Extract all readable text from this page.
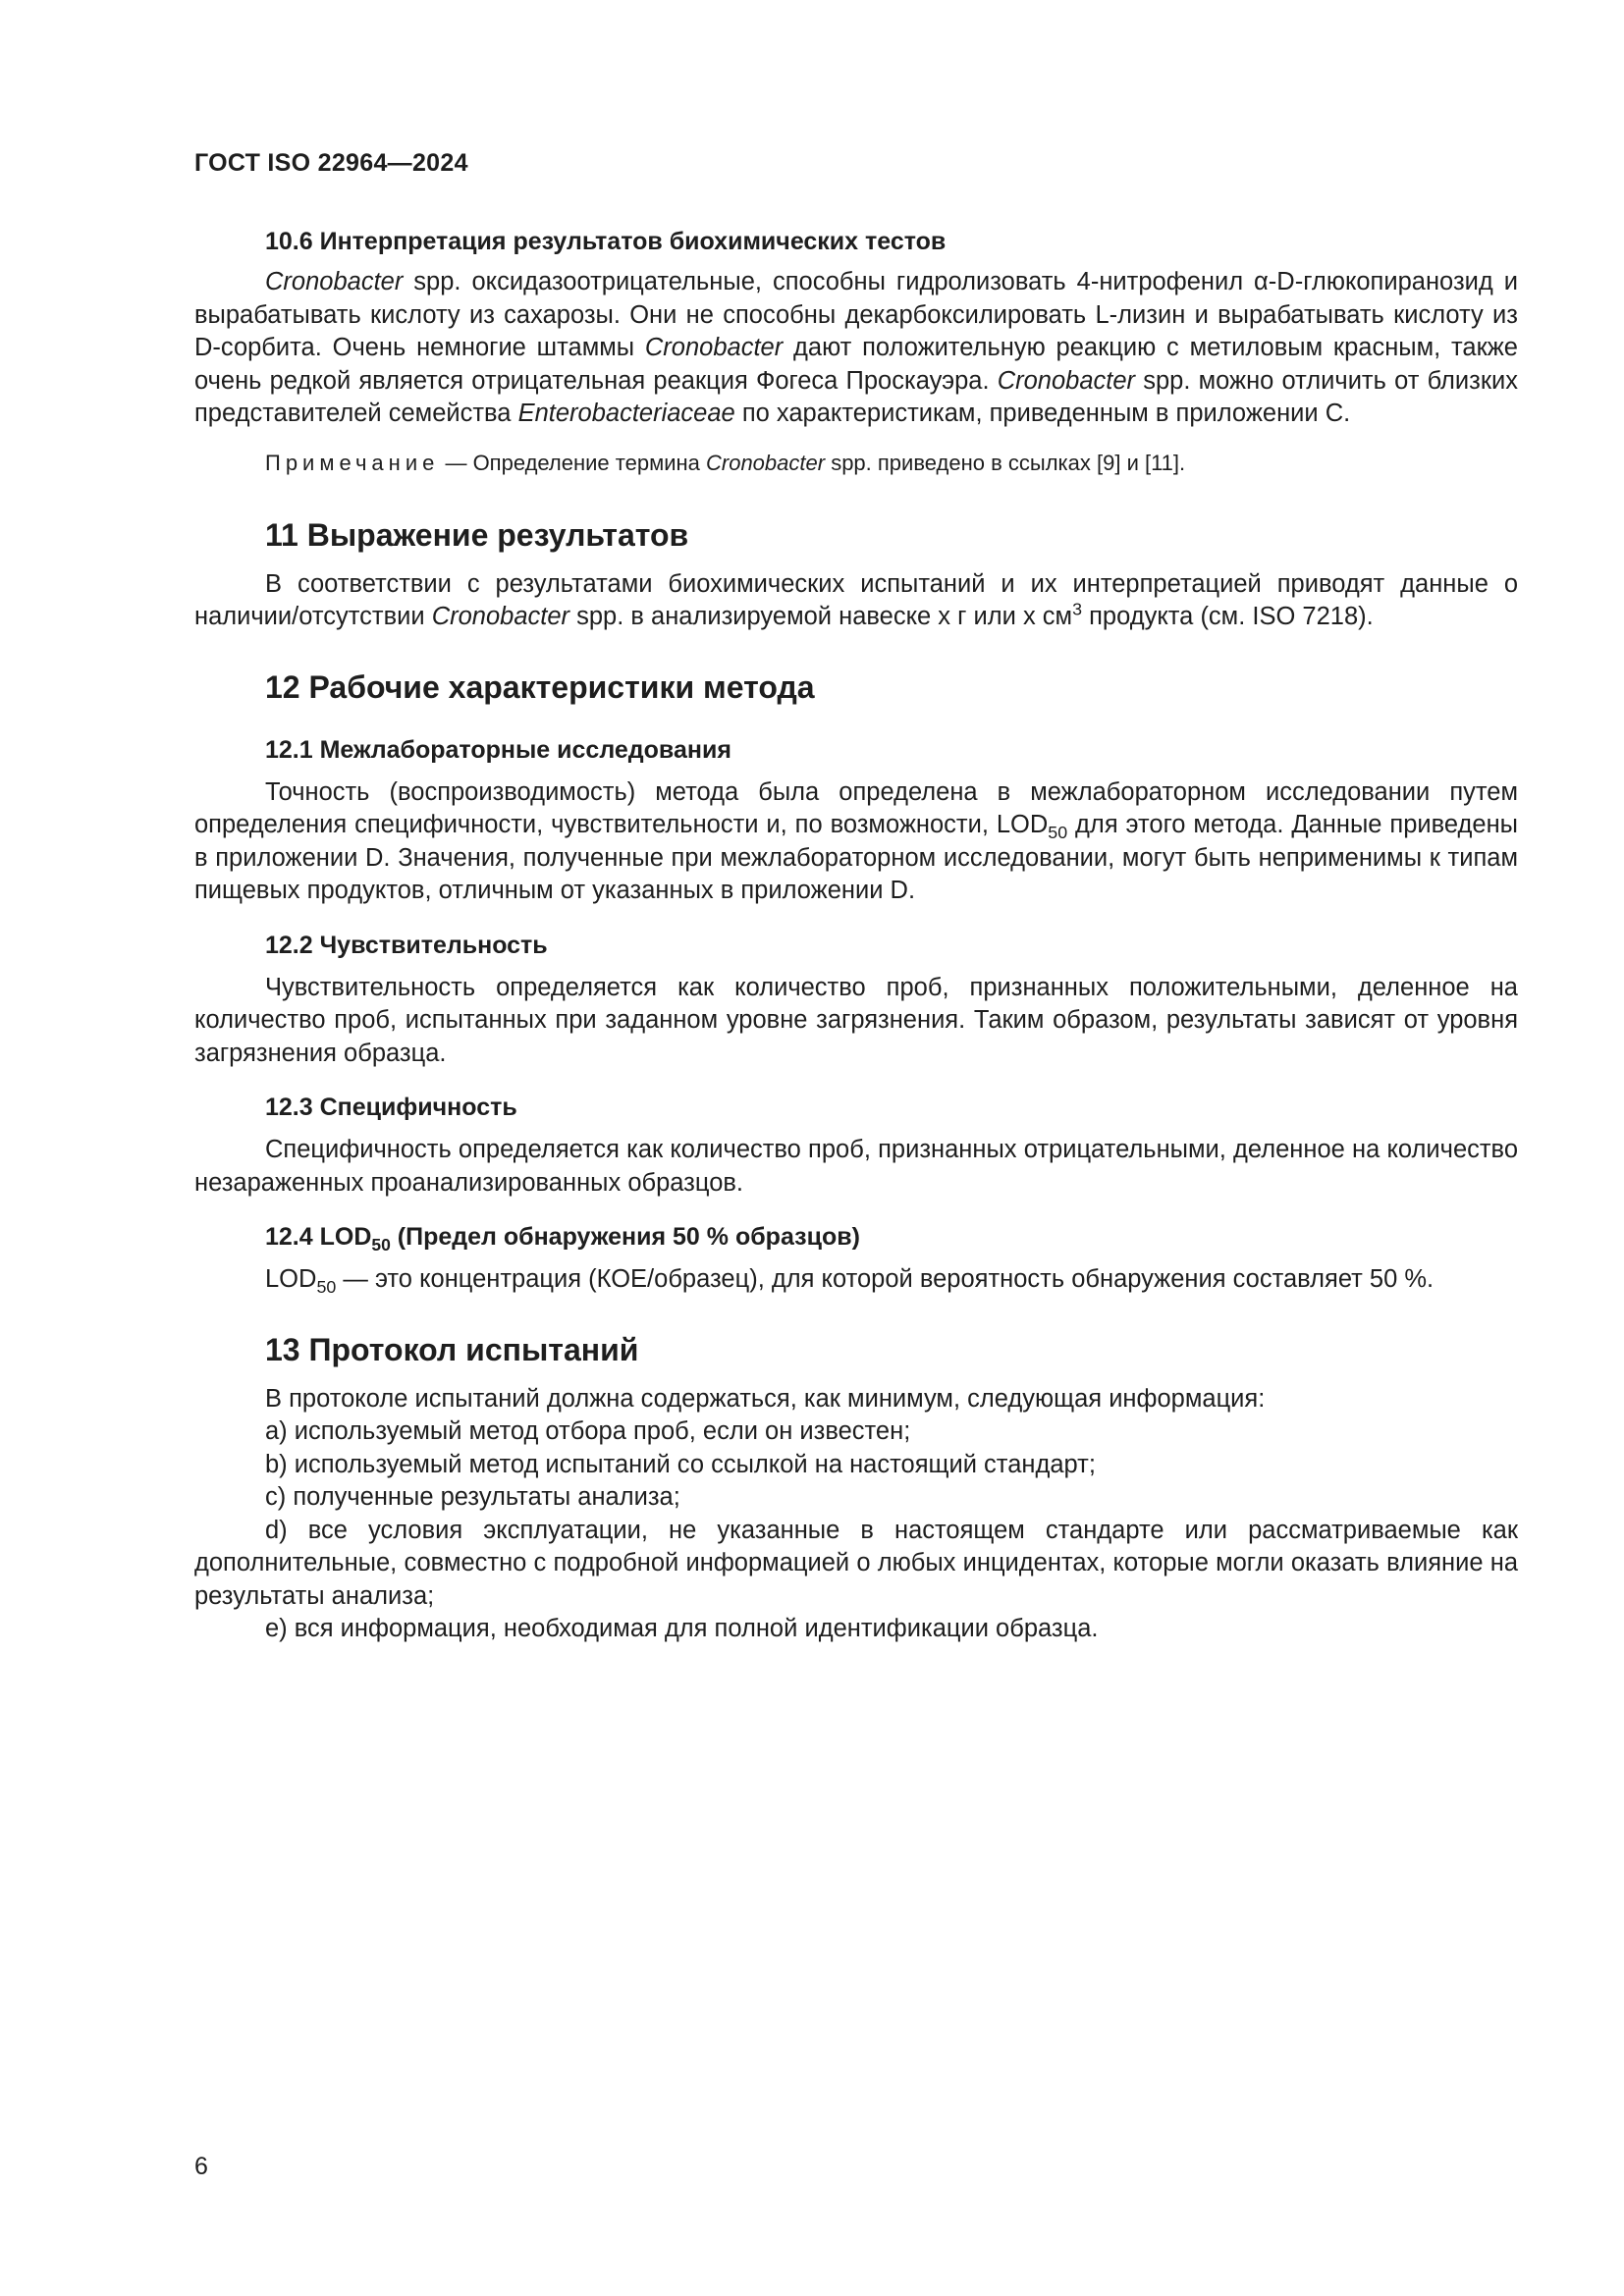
ГОСТ ISO 22964—2024
10.6 Интерпретация результатов биохимических тестов

Cronobacter spp. оксидазоотрицательные, способны гидролизовать 4-нитрофенил α-D-глюкопиранозид и вырабатывать кислоту из сахарозы. Они не способны декарбоксилировать L-лизин и вырабатывать кислоту из D-сорбита. Очень немногие штаммы Cronobacter дают положительную реакцию с метиловым красным, также очень редкой является отрицательная реакция Фогеса Проскауэра. Cronobacter spp. можно отличить от близких представителей семейства Enterobacteriaceae по характеристикам, приведенным в приложении С.

Примечание — Определение термина Cronobacter spp. приведено в ссылках [9] и [11].

11 Выражение результатов

В соответствии с результатами биохимических испытаний и их интерпретацией приводят данные о наличии/отсутствии Cronobacter spp. в анализируемой навеске x г или x $см^3$ продукта (см. ISO 7218).

12 Рабочие характеристики метода
12.1 Межлабораторные исследования

Точность (воспроизводимость) метода была определена в межлабораторном исследовании путем определения специфичности, чувствительности и, по возможности, $LOD_{50}$ для этого метода. Данные приведены в приложении D. Значения, полученные при межлабораторном исследовании, могут быть неприменимы к типам пищевых продуктов, отличным от указанных в приложении D.

12.2 Чувствительность

Чувствительность определяется как количество проб, признанных положительными, деленное на количество проб, испытанных при заданном уровне загрязнения. Таким образом, результаты зависят от уровня загрязнения образца.

12.3 Специфичность

Специфичность определяется как количество проб, признанных отрицательными, деленное на количество незараженных проанализированных образцов.

12.4 $LOD_{50}$ (Предел обнаружения 50 % образцов)

$LOD_{50}$ — это концентрация (КОЕ/образец), для которой вероятность обнаружения составляет 50 %.

13 Протокол испытаний

В протоколе испытаний должна содержаться, как минимум, следующая информация:

a) используемый метод отбора проб, если он известен;

b) используемый метод испытаний со ссылкой на настоящий стандарт;

c) полученные результаты анализа;

d) все условия эксплуатации, не указанные в настоящем стандарте или рассматриваемые как дополнительные, совместно с подробной информацией о любых инцидентах, которые могли оказать влияние на результаты анализа;

e) вся информация, необходимая для полной идентификации образца.

6
